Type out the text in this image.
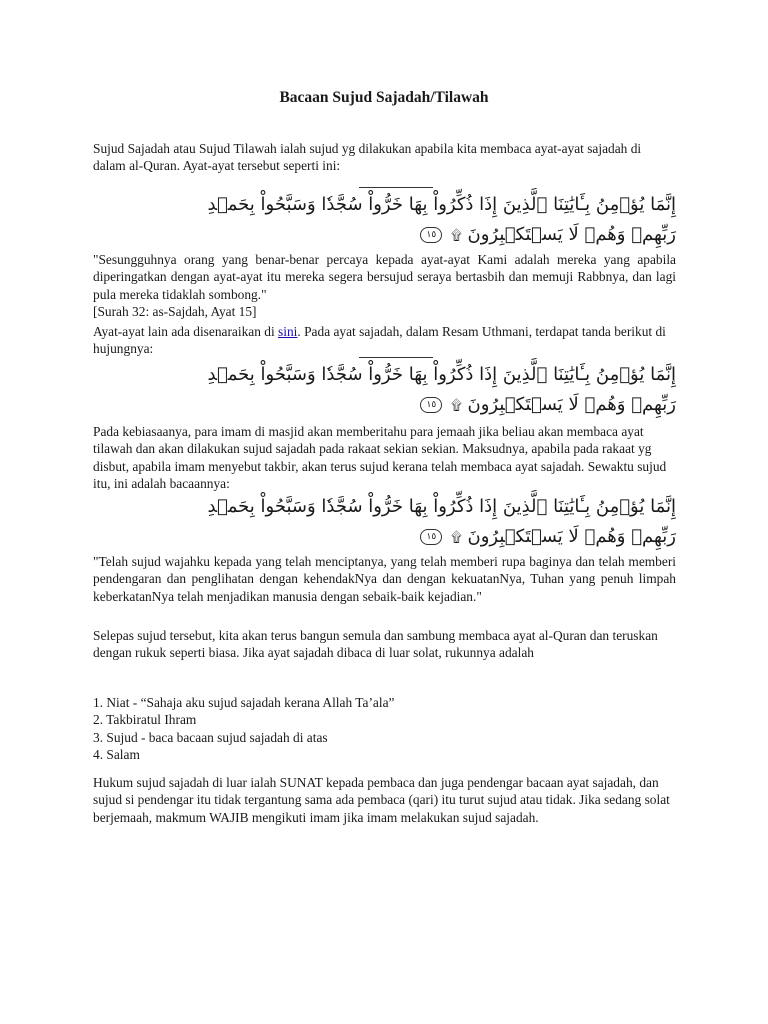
Bacaan Sujud Sajadah/Tilawah
Sujud Sajadah atau Sujud Tilawah ialah sujud yg dilakukan apabila kita membaca ayat-ayat sajadah di dalam al-Quran. Ayat-ayat tersebut seperti ini:
إِنَّمَا يُؤۡمِنُ بِـَٔايَٰتِنَا ٱلَّذِينَ إِذَا ذُكِّرُواْ بِهَا خَرُّواْ سُجَّدٗا وَسَبَّحُواْ بِحَمۡدِ
رَبِّهِمۡ وَهُمۡ لَا يَسۡتَكۡبِرُونَ ۩ ١٥
"Sesungguhnya orang yang benar-benar percaya kepada ayat-ayat Kami adalah mereka yang apabila diperingatkan dengan ayat-ayat itu mereka segera bersujud seraya bertasbih dan memuji Rabbnya, dan lagi pula mereka tidaklah sombong."
[Surah 32: as-Sajdah, Ayat 15]
Ayat-ayat lain ada disenaraikan di sini. Pada ayat sajadah, dalam Resam Uthmani, terdapat tanda berikut di hujungnya:
إِنَّمَا يُؤۡمِنُ بِـَٔايَٰتِنَا ٱلَّذِينَ إِذَا ذُكِّرُواْ بِهَا خَرُّواْ سُجَّدٗا وَسَبَّحُواْ بِحَمۡدِ
رَبِّهِمۡ وَهُمۡ لَا يَسۡتَكۡبِرُونَ ۩ ١٥
Pada kebiasaanya, para imam di masjid akan memberitahu para jemaah jika beliau akan membaca ayat tilawah dan akan dilakukan sujud sajadah pada rakaat sekian sekian. Maksudnya, apabila pada rakaat yg disbut, apabila imam menyebut takbir, akan terus sujud kerana telah membaca ayat sajadah. Sewaktu sujud itu, ini adalah bacaannya:
إِنَّمَا يُؤۡمِنُ بِـَٔايَٰتِنَا ٱلَّذِينَ إِذَا ذُكِّرُواْ بِهَا خَرُّواْ سُجَّدٗا وَسَبَّحُواْ بِحَمۡدِ
رَبِّهِمۡ وَهُمۡ لَا يَسۡتَكۡبِرُونَ ۩ ١٥
"Telah sujud wajahku kepada yang telah menciptanya, yang telah memberi rupa baginya dan telah memberi pendengaran dan penglihatan dengan kehendakNya dan dengan kekuatanNya, Tuhan yang penuh limpah keberkatanNya telah menjadikan manusia dengan sebaik-baik kejadian."
Selepas sujud tersebut, kita akan terus bangun semula dan sambung membaca ayat al-Quran dan teruskan dengan rukuk seperti biasa. Jika ayat sajadah dibaca di luar solat, rukunnya adalah
1. Niat - “Sahaja aku sujud sajadah kerana Allah Ta’ala”
2. Takbiratul Ihram
3. Sujud - baca bacaan sujud sajadah di atas
4. Salam
Hukum sujud sajadah di luar ialah SUNAT kepada pembaca dan juga pendengar bacaan ayat sajadah, dan sujud si pendengar itu tidak tergantung sama ada pembaca (qari) itu turut sujud atau tidak. Jika sedang solat berjemaah, makmum WAJIB mengikuti imam jika imam melakukan sujud sajadah.
